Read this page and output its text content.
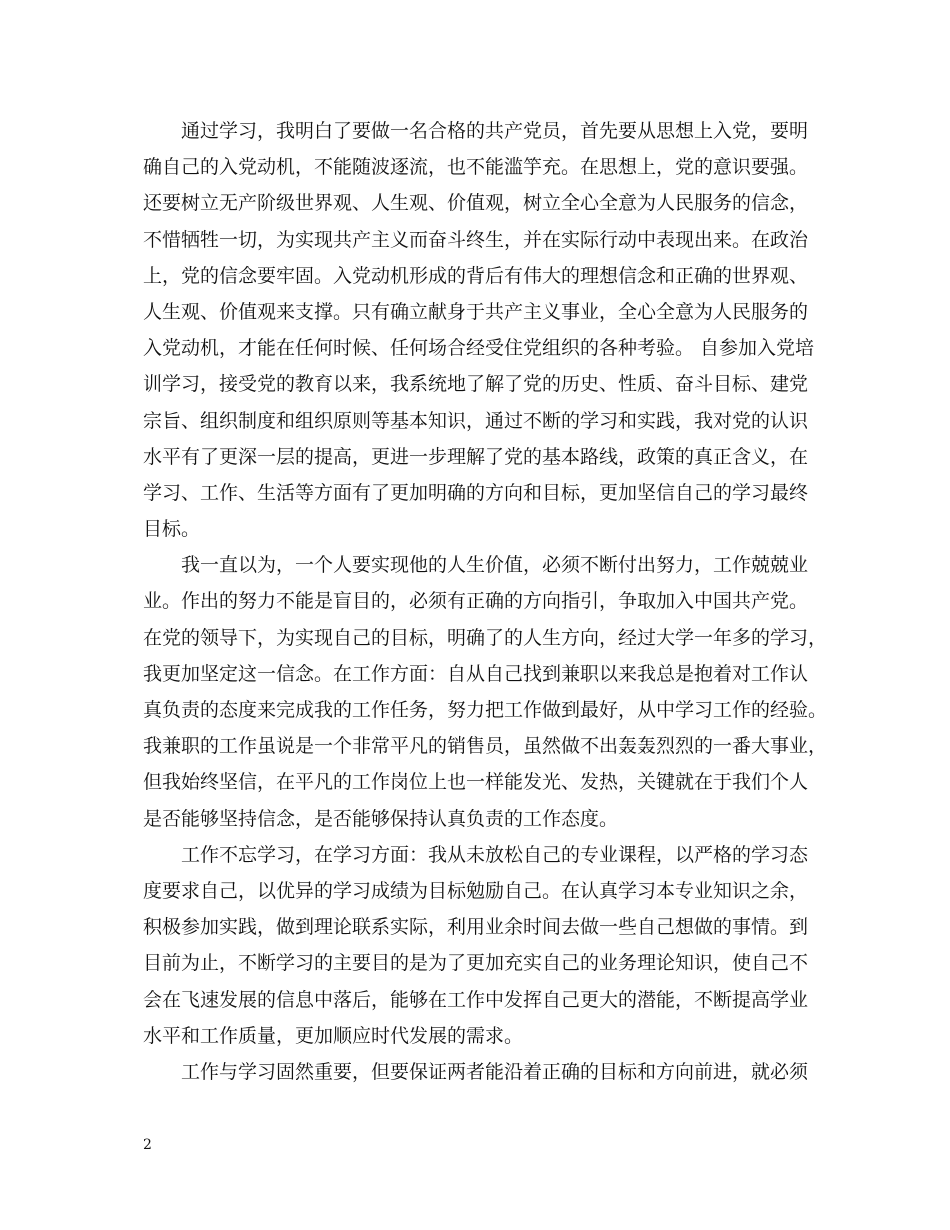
通过学习，我明白了要做一名合格的共产党员，首先要从思想上入党，要明
确自己的入党动机，不能随波逐流，也不能滥竽充。在思想上，党的意识要强。
还要树立无产阶级世界观、人生观、价值观，树立全心全意为人民服务的信念，
不惜牺牲一切，为实现共产主义而奋斗终生，并在实际行动中表现出来。在政治
上，党的信念要牢固。入党动机形成的背后有伟大的理想信念和正确的世界观、
人生观、价值观来支撑。只有确立献身于共产主义事业，全心全意为人民服务的
入党动机，才能在任何时候、任何场合经受住党组织的各种考验。 自参加入党培
训学习，接受党的教育以来，我系统地了解了党的历史、性质、奋斗目标、建党
宗旨、组织制度和组织原则等基本知识，通过不断的学习和实践，我对党的认识
水平有了更深一层的提高，更进一步理解了党的基本路线，政策的真正含义，在
学习、工作、生活等方面有了更加明确的方向和目标，更加坚信自己的学习最终
目标。
我一直以为，一个人要实现他的人生价值，必须不断付出努力，工作兢兢业
业。作出的努力不能是盲目的，必须有正确的方向指引，争取加入中国共产党。
在党的领导下，为实现自己的目标，明确了的人生方向，经过大学一年多的学习，
我更加坚定这一信念。在工作方面：自从自己找到兼职以来我总是抱着对工作认
真负责的态度来完成我的工作任务，努力把工作做到最好，从中学习工作的经验。
我兼职的工作虽说是一个非常平凡的销售员，虽然做不出轰轰烈烈的一番大事业，
但我始终坚信，在平凡的工作岗位上也一样能发光、发热，关键就在于我们个人
是否能够坚持信念，是否能够保持认真负责的工作态度。
工作不忘学习，在学习方面：我从未放松自己的专业课程，以严格的学习态
度要求自己，以优异的学习成绩为目标勉励自己。在认真学习本专业知识之余，
积极参加实践，做到理论联系实际，利用业余时间去做一些自己想做的事情。到
目前为止，不断学习的主要目的是为了更加充实自己的业务理论知识，使自己不
会在飞速发展的信息中落后，能够在工作中发挥自己更大的潜能，不断提高学业
水平和工作质量，更加顺应时代发展的需求。
工作与学习固然重要，但要保证两者能沿着正确的目标和方向前进，就必须
2
